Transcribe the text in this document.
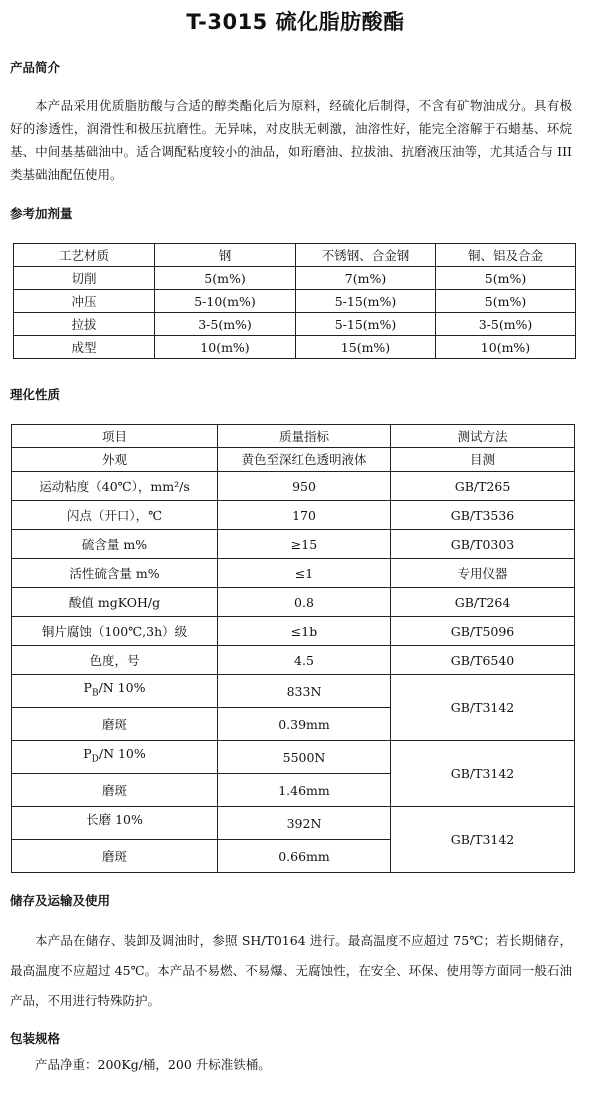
T-3015 硫化脂肪酸酯
产品简介
本产品采用优质脂肪酸与合适的醇类酯化后为原料，经硫化后制得，不含有矿物油成分。具有极好的渗透性，润滑性和极压抗磨性。无异味，对皮肤无刺激，油溶性好，能完全溶解于石蜡基、环烷基、中间基基础油中。适合调配粘度较小的油品，如珩磨油、拉拔油、抗磨液压油等，尤其适合与 III 类基础油配伍使用。
参考加剂量
工艺材质	钢	不锈钢、合金钢	铜、铝及合金
切削	5(m%)	7(m%)	5(m%)
冲压	5-10(m%)	5-15(m%)	5(m%)
拉拔	3-5(m%)	5-15(m%)	3-5(m%)
成型	10(m%)	15(m%)	10(m%)
理化性质
项目	质量指标	测试方法
外观	黄色至深红色透明液体	目测
运动粘度（40℃），mm²/s	950	GB/T265
闪点（开口），℃	170	GB/T3536
硫含量 m%	≥15	GB/T0303
活性硫含量 m%	≤1	专用仪器
酸值 mgKOH/g	0.8	GB/T264
铜片腐蚀（100℃,3h）级	≤1b	GB/T5096
色度，号	4.5	GB/T6540
$P_B/N$ 10%	833N	GB/T3142
磨斑	0.39mm	
$P_D/N$ 10%	5500N	GB/T3142
磨斑	1.46mm	
长磨 10%	392N	GB/T3142
磨斑	0.66mm	
储存及运输及使用
本产品在储存、装卸及调油时，参照 SH/T0164 进行。最高温度不应超过 75℃；若长期储存，最高温度不应超过 45℃。本产品不易燃、不易爆、无腐蚀性，在安全、环保、使用等方面同一般石油产品，不用进行特殊防护。
包装规格
产品净重：200Kg/桶，200 升标准铁桶。
